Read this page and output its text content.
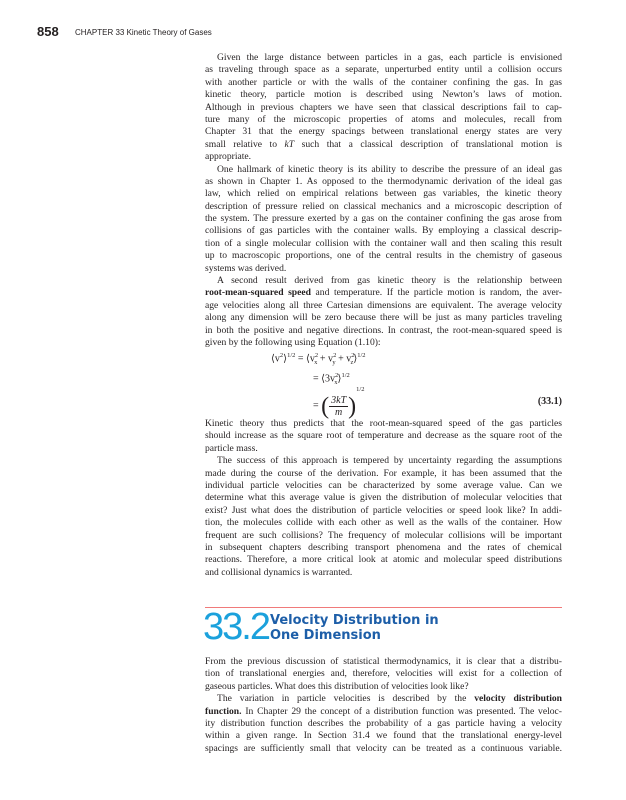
858 CHAPTER 33 Kinetic Theory of Gases
Given the large distance between particles in a gas, each particle is envisioned
as traveling through space as a separate, unperturbed entity until a collision occurs
with another particle or with the walls of the container confining the gas. In gas
kinetic theory, particle motion is described using Newton’s laws of motion.
Although in previous chapters we have seen that classical descriptions fail to cap-
ture many of the microscopic properties of atoms and molecules, recall from
Chapter 31 that the energy spacings between translational energy states are very
small relative to kT such that a classical description of translational motion is
appropriate.
One hallmark of kinetic theory is its ability to describe the pressure of an ideal gas
as shown in Chapter 1. As opposed to the thermodynamic derivation of the ideal gas
law, which relied on empirical relations between gas variables, the kinetic theory
description of pressure relied on classical mechanics and a microscopic description of
the system. The pressure exerted by a gas on the container confining the gas arose from
collisions of gas particles with the container walls. By employing a classical descrip-
tion of a single molecular collision with the container wall and then scaling this result
up to macroscopic proportions, one of the central results in the chemistry of gaseous
systems was derived.
A second result derived from gas kinetic theory is the relationship between
root-mean-squared speed and temperature. If the particle motion is random, the aver-
age velocities along all three Cartesian dimensions are equivalent. The average velocity
along any dimension will be zero because there will be just as many particles traveling
in both the positive and negative directions. In contrast, the root-mean-squared speed is
given by the following using Equation (1.10):
$⟨v^2⟩^{1/2}$ = $⟨v^2_x + v^2_y$ + $v^2_z⟩^{1/2}$
= $⟨3v^2_x⟩^{1/2}$
= ( $\frac{3kT}{m} )^{1/2}$
(33.1)
Kinetic theory thus predicts that the root-mean-squared speed of the gas particles
should increase as the square root of temperature and decrease as the square root of the
particle mass.
The success of this approach is tempered by uncertainty regarding the assumptions
made during the course of the derivation. For example, it has been assumed that the
individual particle velocities can be characterized by some average value. Can we
determine what this average value is given the distribution of molecular velocities that
exist? Just what does the distribution of particle velocities or speed look like? In addi-
tion, the molecules collide with each other as well as the walls of the container. How
frequent are such collisions? The frequency of molecular collisions will be important
in subsequent chapters describing transport phenomena and the rates of chemical
reactions. Therefore, a more critical look at atomic and molecular speed distributions
and collisional dynamics is warranted.
33.2 Velocity Distribution in
One Dimension
From the previous discussion of statistical thermodynamics, it is clear that a distribu-
tion of translational energies and, therefore, velocities will exist for a collection of
gaseous particles. What does this distribution of velocities look like?
The variation in particle velocities is described by the velocity distribution
function. In Chapter 29 the concept of a distribution function was presented. The veloc-
ity distribution function describes the probability of a gas particle having a velocity
within a given range. In Section 31.4 we found that the translational energy-level
spacings are sufficiently small that velocity can be treated as a continuous variable.
